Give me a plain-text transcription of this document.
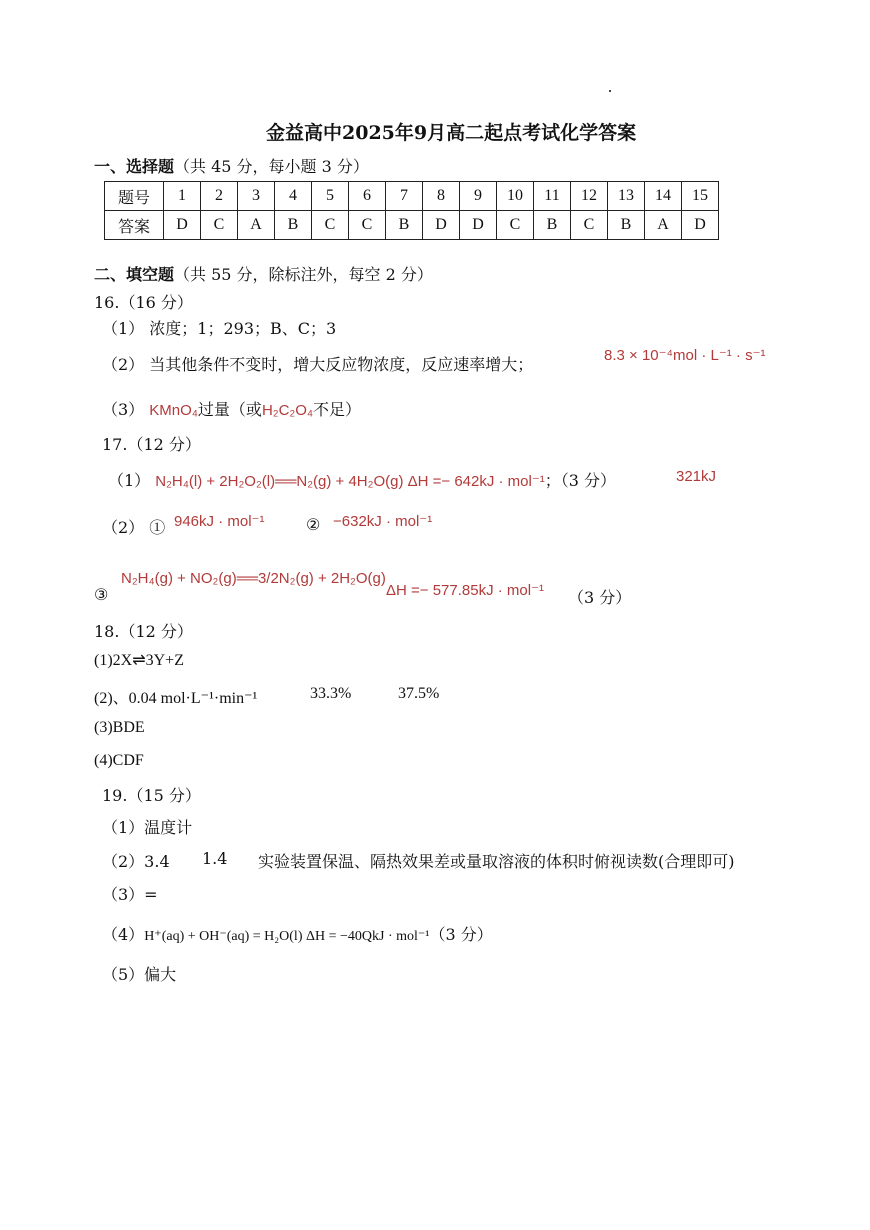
金益高中2025年9月高二起点考试化学答案
一、选择题（共 45 分，每小题 3 分）
题号	1	2	3	4	5	6	7	8	9	10	11	12	13	14	15
答案	D	C	A	B	C	C	B	D	D	C	B	C	B	A	D
二、填空题（共 55 分，除标注外，每空 2 分）
16.（16 分）
（1） 浓度；1；293；B、C；3
（2） 当其他条件不变时，增大反应物浓度，反应速率增大；	8.3 × 10⁻⁴mol · L⁻¹ · s⁻¹
（3） KMnO₄过量（或H₂C₂O₄不足）
17.（12 分）
（1） N₂H₄(l) + 2H₂O₂(l)══N₂(g) + 4H₂O(g) ΔH =− 642kJ · mol⁻¹；（3 分）	321kJ
（2） ① 946kJ · mol⁻¹	② −632kJ · mol⁻¹
③
N₂H₄(g) + NO₂(g)══3/2N₂(g) + 2H₂O(g)
ΔH =− 577.85kJ · mol⁻¹ （3 分）
18.（12 分）
(1)2X⇌3Y+Z
(2)、0.04 mol·L⁻¹·min⁻¹	33.3%	37.5%
(3)BDE
(4)CDF
19.（15 分）
（1）温度计
（2）3.4 1.4 实验装置保温、隔热效果差或量取溶液的体积时俯视读数(合理即可)
（3）=
（4）H⁺(aq) + OH⁻(aq) = H₂O(l) ΔH = −40QkJ · mol⁻¹（3 分）
（5）偏大
